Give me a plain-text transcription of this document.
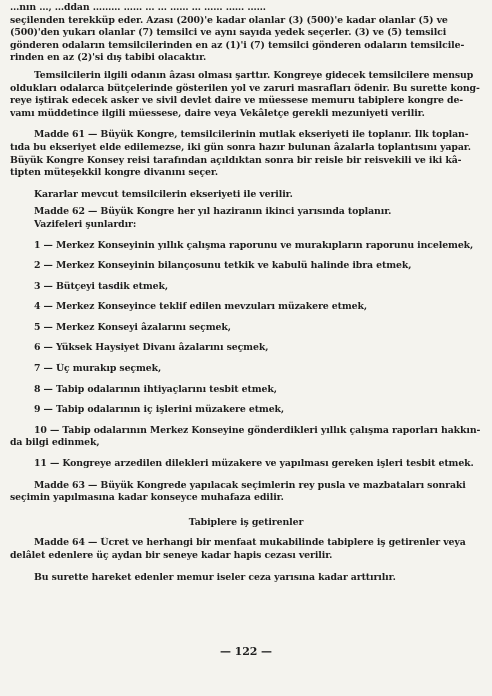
…nın …, …ddan ……… …… … … …… … …… …… ……
seçilenden terekküp eder. Azası (200)'e kadar olanlar (3) (500)'e kadar olanlar (5) ve
(500)'den yukarı olanlar (7) temsilci ve aynı sayıda yedek seçerler. (3) ve (5) temsilci
gönderen odaların temsilcilerinden en az (1)'i (7) temsilci gönderen odaların temsilcile-
rinden en az (2)'si dış tabibi olacaktır.
Temsilcilerin ilgili odanın âzası olması şarttır. Kongreye gidecek temsilcilere mensup
oldukları odalarca bütçelerinde gösterilen yol ve zaruri masrafları ödenir. Bu surette kong-
reye iştirak edecek asker ve sivil devlet daire ve müessese memuru tabiplere kongre de-
vamı müddetince ilgili müessese, daire veya Vekâletçe gerekli mezuniyeti verilir.
Madde 61 — Büyük Kongre, temsilcilerinin mutlak ekseriyeti ile toplanır. İlk toplan-
tıda bu ekseriyet elde edilemezse, iki gün sonra hazır bulunan âzalarla toplantısını yapar.
Büyük Kongre Konsey reisi tarafından açıldıktan sonra bir reisle bir reisvekili ve iki kâ-
tipten müteşekkil kongre divanını seçer.
Kararlar mevcut temsilcilerin ekseriyeti ile verilir.
Madde 62 — Büyük Kongre her yıl haziranın ikinci yarısında toplanır.
Vazifeleri şunlardır:
1 — Merkez Konseyinin yıllık çalışma raporunu ve murakıpların raporunu incelemek,
2 — Merkez Konseyinin bilançosunu tetkik ve kabulü halinde ibra etmek,
3 — Bütçeyi tasdik etmek,
4 — Merkez Konseyince teklif edilen mevzuları müzakere etmek,
5 — Merkez Konseyi âzalarını seçmek,
6 — Yüksek Haysiyet Divanı âzalarını seçmek,
7 — Üç murakıp seçmek,
8 — Tabip odalarının ihtiyaçlarını tesbit etmek,
9 — Tabip odalarının iç işlerini müzakere etmek,
10 — Tabip odalarının Merkez Konseyine gönderdikleri yıllık çalışma raporları hakkın-
da bilgi edinmek,
11 — Kongreye arzedilen dilekleri müzakere ve yapılması gereken işleri tesbit etmek.
Madde 63 — Büyük Kongrede yapılacak seçimlerin rey pusla ve mazbataları sonraki
seçimin yapılmasına kadar konseyce muhafaza edilir.
Tabiplere iş getirenler
Madde 64 — Ücret ve herhangi bir menfaat mukabilinde tabiplere iş getirenler veya
delâlet edenlere üç aydan bir seneye kadar hapis cezası verilir.
Bu surette hareket edenler memur iseler ceza yarısına kadar arttırılır.
— 122 —
